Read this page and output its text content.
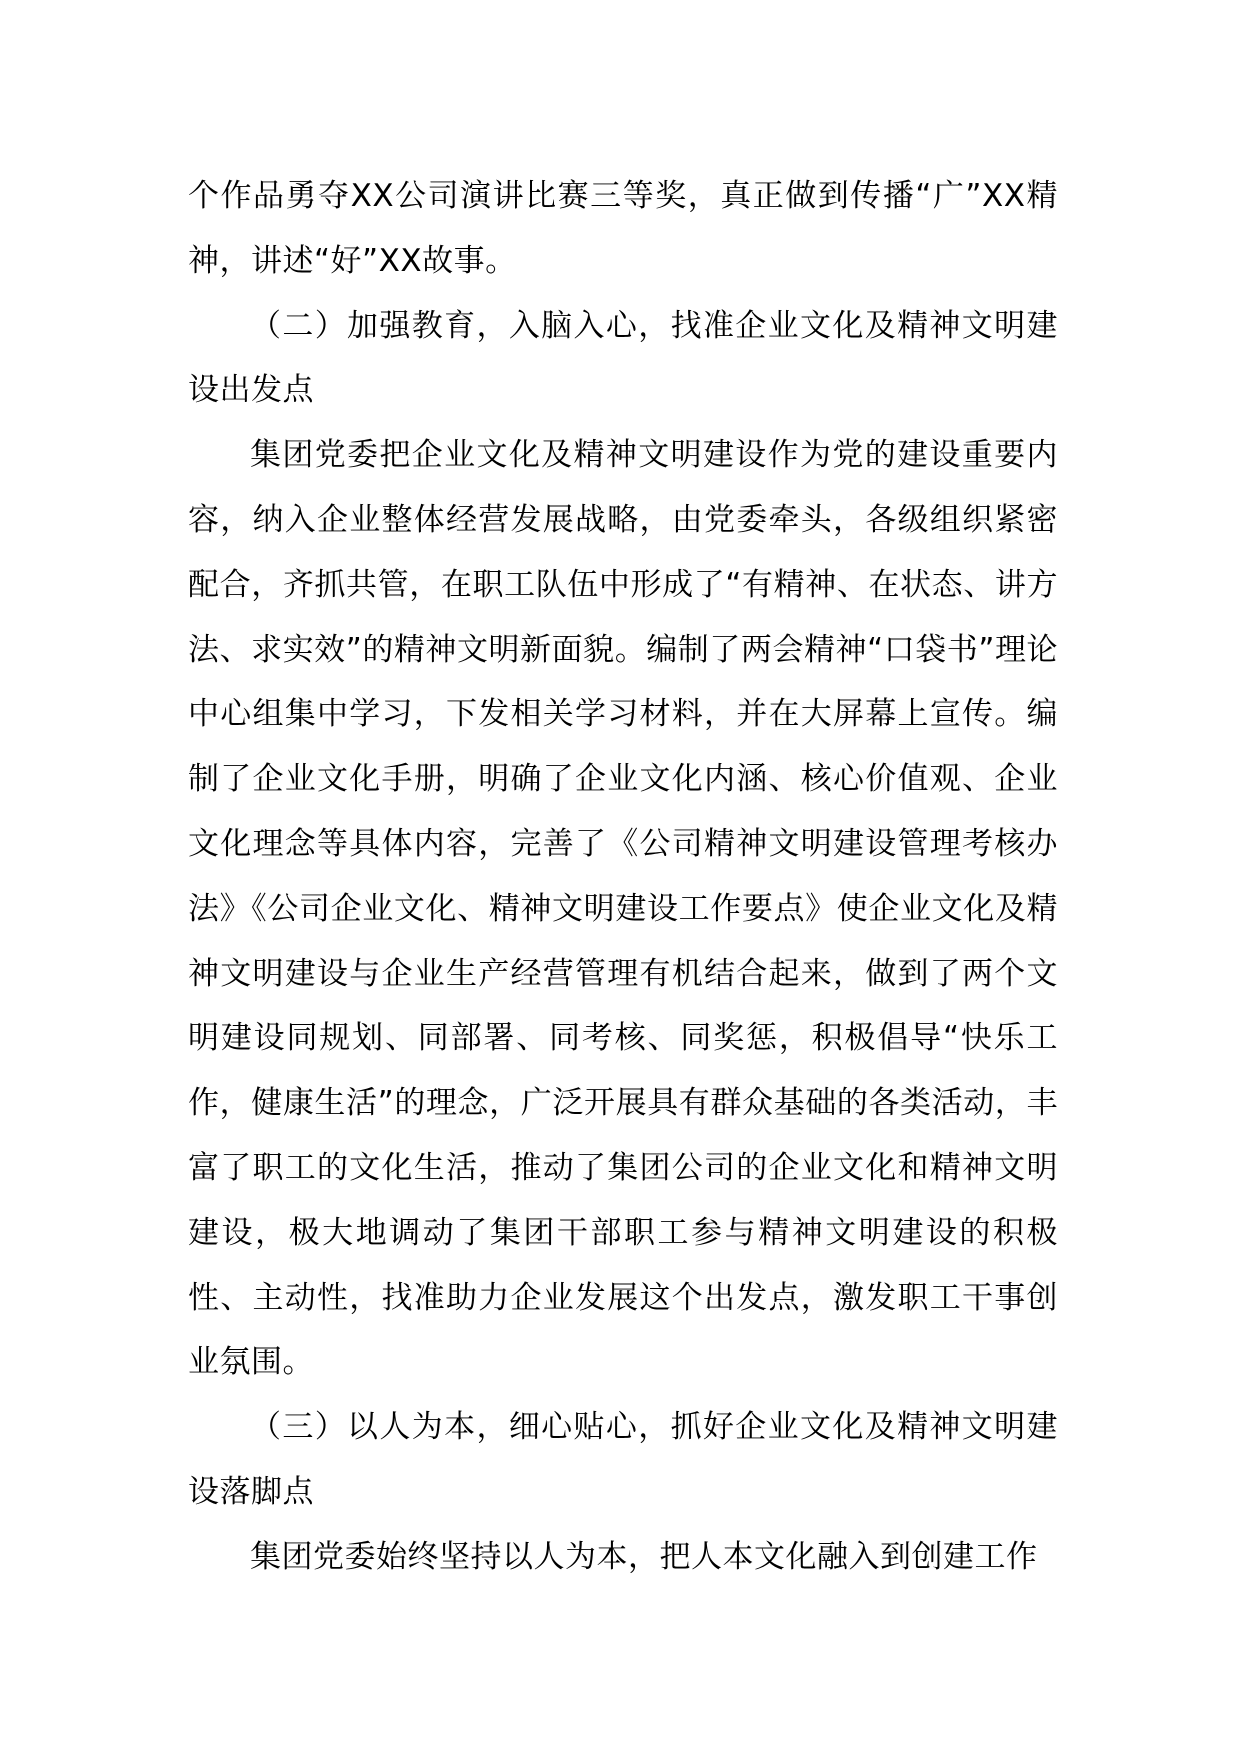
个作品勇夺XX公司演讲比赛三等奖，真正做到传播“广”XX精神，讲述“好”XX故事。

（二）加强教育，入脑入心，找准企业文化及精神文明建设出发点

集团党委把企业文化及精神文明建设作为党的建设重要内容，纳入企业整体经营发展战略，由党委牵头，各级组织紧密配合，齐抓共管，在职工队伍中形成了“有精神、在状态、讲方法、求实效”的精神文明新面貌。编制了两会精神“口袋书”理论中心组集中学习，下发相关学习材料，并在大屏幕上宣传。编制了企业文化手册，明确了企业文化内涵、核心价值观、企业文化理念等具体内容，完善了《公司精神文明建设管理考核办法》《公司企业文化、精神文明建设工作要点》使企业文化及精神文明建设与企业生产经营管理有机结合起来，做到了两个文明建设同规划、同部署、同考核、同奖惩，积极倡导“快乐工作，健康生活”的理念，广泛开展具有群众基础的各类活动，丰富了职工的文化生活，推动了集团公司的企业文化和精神文明建设，极大地调动了集团干部职工参与精神文明建设的积极性、主动性，找准助力企业发展这个出发点，激发职工干事创业氛围。

（三）以人为本，细心贴心，抓好企业文化及精神文明建设落脚点

集团党委始终坚持以人为本，把人本文化融入到创建工作
